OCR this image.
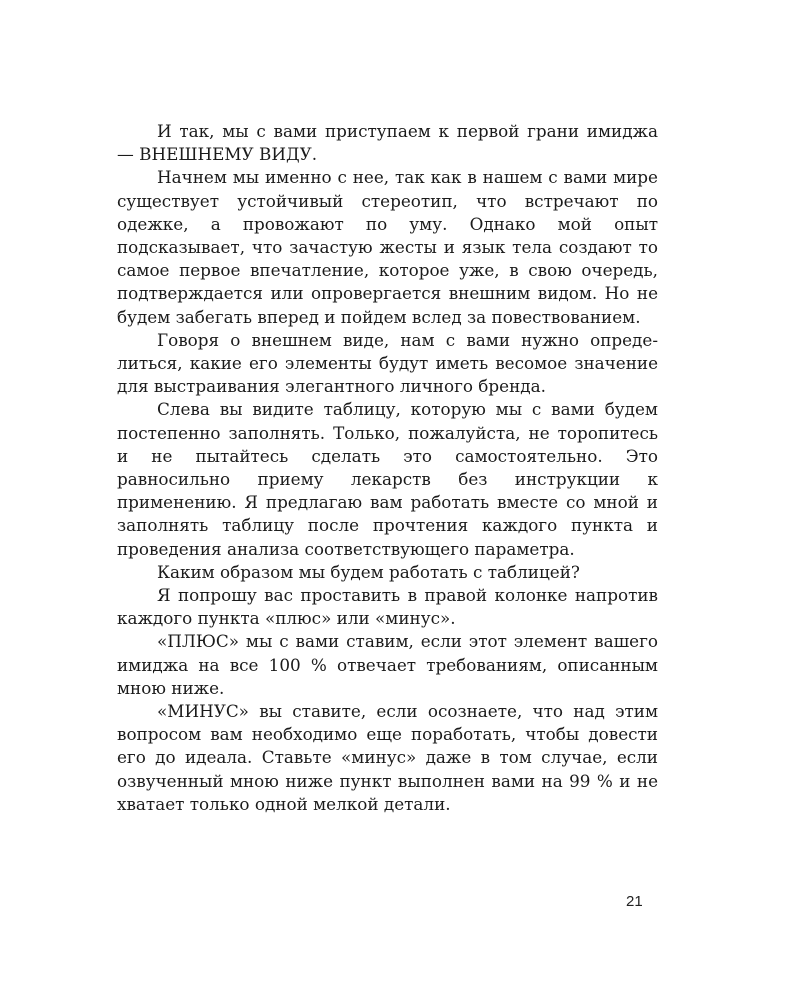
И так, мы с вами приступаем к первой грани имиджа — ВНЕШНЕМУ ВИДУ.

Начнем мы именно с нее, так как в нашем с вами мире существует устойчивый стереотип, что встречают по одежке, а провожают по уму. Однако мой опыт подсказывает, что зачастую жесты и язык тела создают то самое первое впечатление, которое уже, в свою очередь, подтверждается или опровергается внешним видом. Но не будем забегать вперед и пойдем вслед за повествованием.

Говоря о внешнем виде, нам с вами нужно определиться, какие его элементы будут иметь весомое значение для выстраивания элегантного личного бренда.

Слева вы видите таблицу, которую мы с вами будем постепенно заполнять. Только, пожалуйста, не торопитесь и не пытайтесь сделать это самостоятельно. Это равносильно приему лекарств без инструкции к применению. Я предлагаю вам работать вместе со мной и заполнять таблицу после прочтения каждого пункта и проведения анализа соответствующего параметра.

Каким образом мы будем работать с таблицей?

Я попрошу вас проставить в правой колонке напротив каждого пункта «плюс» или «минус».

«ПЛЮС» мы с вами ставим, если этот элемент вашего имиджа на все 100 % отвечает требованиям, описанным мною ниже.

«МИНУС» вы ставите, если осознаете, что над этим вопросом вам необходимо еще поработать, чтобы довести его до идеала. Ставьте «минус» даже в том случае, если озвученный мною ниже пункт выполнен вами на 99 % и не хватает только одной мелкой детали.

21
